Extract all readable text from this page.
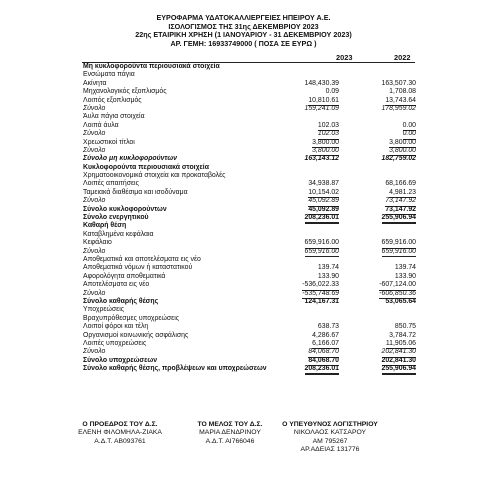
ΕΥΡΟΦΑΡΜΑ ΥΔΑΤΟΚΑΛΛΙΕΡΓΕΙΕΣ ΗΠΕΙΡΟΥ Α.Ε.
ΙΣΟΛΟΓΙΣΜΟΣ ΤΗΣ 31ης ΔΕΚΕΜΒΡΙΟΥ 2023
22ης ΕΤΑΙΡΙΚΗ ΧΡΗΣΗ (1 ΙΑΝΟΥΑΡΙΟΥ - 31 ΔΕΚΕΜΒΡΙΟΥ 2023)
ΑΡ. ΓΕΜΗ: 16933749000 ( ΠΟΣΑ ΣΕ ΕΥΡΩ )
2023	2022
Μη κυκλοφορούντα περιουσιακά στοιχεία
Ενσώματα πάγια
Ακίνητα	148,430.39	163,507.30
Μηχανολογικός εξοπλισμός	0.09	1,708.08
Λοιπός εξοπλισμός	10,810.61	13,743.64
Σύνολο	159,241.09	178,959.02
Άυλα πάγια στοιχεία
Λοιπά άυλα	102.03	0.00
Σύνολο	102.03	0.00
Χρεωστικοί τίτλοι	3,800.00	3,800.00
Σύνολο	3,800.00	3,800.00
Σύνολο μη κυκλοφορούντων	163,143.12	182,759.02
Κυκλοφορούντα περιουσιακά στοιχεία
Χρηματοοικονομικά στοιχεία και προκαταβολές
Λοιπές απαιτήσεις	34,938.87	68,166.69
Ταμειακά διαθέσιμα και ισοδύναμα	10,154.02	4,981.23
Σύνολο	45,092.89	73,147.92
Σύνολο κυκλοφορούντων	45,092.89	73,147.92
Σύνολο ενεργητικού	208,236.01	255,906.94
Καθαρή θέση
Καταβλημένα κεφάλαια
Κεφάλαιο	659,916.00	659,916.00
Σύνολο	659,916.00	659,916.00
Αποθεματικά και αποτελέσματα εις νέο
Αποθεματικά νόμων ή καταστατικού	139.74	139.74
Αφορολόγητα αποθεματικά	133.90	133.90
Αποτελέσματα εις νέο	-536,022.33	-607,124.00
Σύνολο	-535,748.69	-606,850.36
Σύνολο καθαρής θέσης	124,167.31	53,065.64
Υποχρεώσεις
Βραχυπρόθεσμες υποχρεώσεις
Λοιποί φόροι και τέλη	638.73	850.75
Οργανισμοί κοινωνικής ασφάλισης	4,286.67	3,784.72
Λοιπές υποχρεώσεις	6,166.07	11,905.06
Σύνολο	84,068.70	202,841.30
Σύνολο υποχρεώσεων	84,068.70	202,841.30
Σύνολο καθαρής θέσης, προβλέψεων και υποχρεώσεων	208,236.01	255,906.94
Ο ΠΡΟΕΔΡΟΣ ΤΟΥ Δ.Σ.
ΕΛΕΝΗ ΦΙΛΟΜΗΛΑ-ΖΙΑΚΑ
Α.Δ.Τ. ΑΒ093761
ΤΟ ΜΕΛΟΣ ΤΟΥ Δ.Σ.
ΜΑΡΙΑ ΔΕΝΔΡΙΝΟΥ
Α.Δ.Τ. ΑΙ766046
Ο ΥΠΕΥΘΥΝΟΣ ΛΟΓΙΣΤΗΡΙΟΥ
ΝΙΚΟΛΑΟΣ ΚΑΤΣΑΡΟΥ
ΑΜ 795267
ΑΡ.ΑΔΕΙΑΣ 131776
